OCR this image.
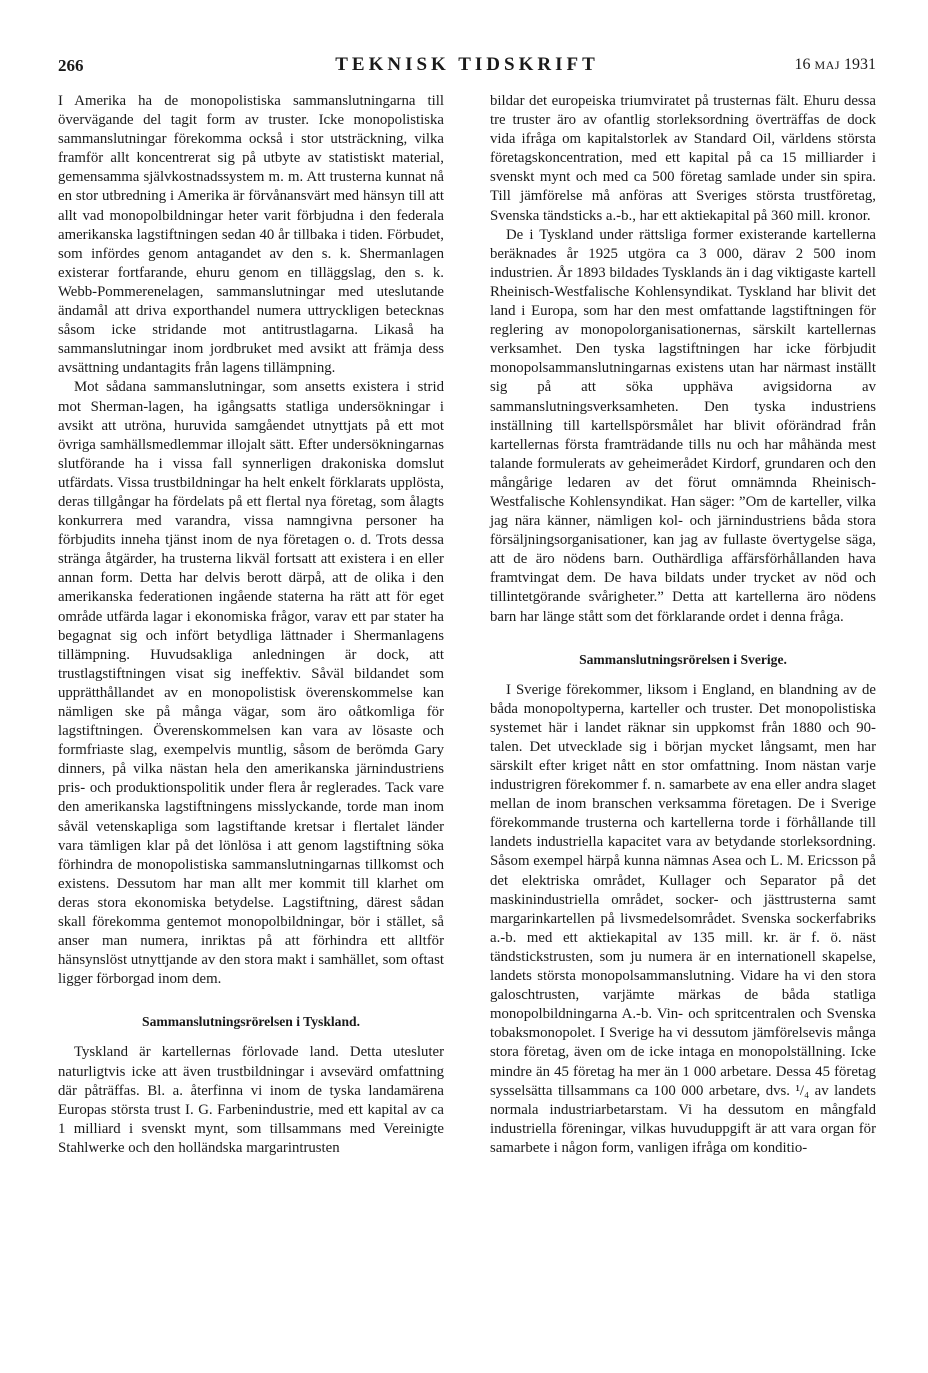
266	TEKNISK TIDSKRIFT	16 MAJ 1931

I Amerika ha de monopolistiska sammanslutningarna till övervägande del tagit form av truster. Icke monopolistiska sammanslutningar förekomma också i stor utsträckning, vilka framför allt koncentrerat sig på utbyte av statistiskt material, gemensamma självkostnadssystem m. m. Att trusterna kunnat nå en stor utbredning i Amerika är förvånansvärt med hänsyn till att allt vad monopolbildningar heter varit förbjudna i den federala amerikanska lagstiftningen sedan 40 år tillbaka i tiden. Förbudet, som infördes genom antagandet av den s. k. Shermanlagen existerar fortfarande, ehuru genom en tilläggslag, den s. k. Webb-Pommerenelagen, sammanslutningar med uteslutande ändamål att driva exporthandel numera uttryckligen betecknas såsom icke stridande mot antitrustlagarna. Likaså ha sammanslutningar inom jordbruket med avsikt att främja dess avsättning undantagits från lagens tillämpning.

Mot sådana sammanslutningar, som ansetts existera i strid mot Sherman-lagen, ha igångsatts statliga undersökningar i avsikt att utröna, huruvida samgåendet utnyttjats på ett mot övriga samhällsmedlemmar illojalt sätt. Efter undersökningarnas slutförande ha i vissa fall synnerligen drakoniska domslut utfärdats. Vissa trustbildningar ha helt enkelt förklarats upplösta, deras tillgångar ha fördelats på ett flertal nya företag, som ålagts konkurrera med varandra, vissa namngivna personer ha förbjudits inneha tjänst inom de nya företagen o. d. Trots dessa stränga åtgärder, ha trusterna likväl fortsatt att existera i en eller annan form. Detta har delvis berott därpå, att de olika i den amerikanska federationen ingående staterna ha rätt att för eget område utfärda lagar i ekonomiska frågor, varav ett par stater ha begagnat sig och infört betydliga lättnader i Shermanlagens tillämpning. Huvudsakliga anledningen är dock, att trustlagstiftningen visat sig ineffektiv. Såväl bildandet som upprätthållandet av en monopolistisk överenskommelse kan nämligen ske på många vägar, som äro oåtkomliga för lagstiftningen. Överenskommelsen kan vara av lösaste och formfriaste slag, exempelvis muntlig, såsom de berömda Gary dinners, på vilka nästan hela den amerikanska järnindustriens pris- och produktionspolitik under flera år reglerades. Tack vare den amerikanska lagstiftningens misslyckande, torde man inom såväl vetenskapliga som lagstiftande kretsar i flertalet länder vara tämligen klar på det lönlösa i att genom lagstiftning söka förhindra de monopolistiska sammanslutningarnas tillkomst och existens. Dessutom har man allt mer kommit till klarhet om deras stora ekonomiska betydelse. Lagstiftning, därest sådan skall förekomma gentemot monopolbildningar, bör i stället, så anser man numera, inriktas på att förhindra ett alltför hänsynslöst utnyttjande av den stora makt i samhället, som oftast ligger förborgad inom dem.

Sammanslutningsrörelsen i Tyskland.

Tyskland är kartellernas förlovade land. Detta utesluter naturligtvis icke att även trustbildningar i avsevärd omfattning där påträffas. Bl. a. återfinna vi inom de tyska landamärena Europas största trust I. G. Farbenindustrie, med ett kapital av ca 1 milliard i svenskt mynt, som tillsammans med Vereinigte Stahlwerke och den holländska margarintrusten

bildar det europeiska triumviratet på trusternas fält. Ehuru dessa tre truster äro av ofantlig storleksordning överträffas de dock vida ifråga om kapitalstorlek av Standard Oil, världens största företagskoncentration, med ett kapital på ca 15 milliarder i svenskt mynt och med ca 500 företag samlade under sin spira. Till jämförelse må anföras att Sveriges största trustföretag, Svenska tändsticks a.-b., har ett aktiekapital på 360 mill. kronor.

De i Tyskland under rättsliga former existerande kartellerna beräknades år 1925 utgöra ca 3 000, därav 2 500 inom industrien. År 1893 bildades Tysklands än i dag viktigaste kartell Rheinisch-Westfalische Kohlensyndikat. Tyskland har blivit det land i Europa, som har den mest omfattande lagstiftningen för reglering av monopolorganisationernas, särskilt kartellernas verksamhet. Den tyska lagstiftningen har icke förbjudit monopolsammanslutningarnas existens utan har närmast inställt sig på att söka upphäva avigsidorna av sammanslutningsverksamheten. Den tyska industriens inställning till kartellspörsmålet har blivit oförändrad från kartellernas första framträdande tills nu och har måhända mest talande formulerats av geheimerådet Kirdorf, grundaren och den mångårige ledaren av det förut omnämnda Rheinisch-Westfalische Kohlensyndikat. Han säger: ”Om de karteller, vilka jag nära känner, nämligen kol- och järnindustriens båda stora försäljningsorganisationer, kan jag av fullaste övertygelse säga, att de äro nödens barn. Outhärdliga affärsförhållanden hava framtvingat dem. De hava bildats under trycket av nöd och tillintetgörande svårigheter.” Detta att kartellerna äro nödens barn har länge stått som det förklarande ordet i denna fråga.

Sammanslutningsrörelsen i Sverige.

I Sverige förekommer, liksom i England, en blandning av de båda monopoltyperna, karteller och truster. Det monopolistiska systemet här i landet räknar sin uppkomst från 1880 och 90-talen. Det utvecklade sig i början mycket långsamt, men har särskilt efter kriget nått en stor omfattning. Inom nästan varje industrigren förekommer f. n. samarbete av ena eller andra slaget mellan de inom branschen verksamma företagen. De i Sverige förekommande trusterna och kartellerna torde i förhållande till landets industriella kapacitet vara av betydande storleksordning. Såsom exempel härpå kunna nämnas Asea och L. M. Ericsson på det elektriska området, Kullager och Separator på det maskinindustriella området, socker- och jästtrusterna samt margarinkartellen på livsmedelsområdet. Svenska sockerfabriks a.-b. med ett aktiekapital av 135 mill. kr. är f. ö. näst tändstickstrusten, som ju numera är en internationell skapelse, landets största monopolsammanslutning. Vidare ha vi den stora galoschtrusten, varjämte märkas de båda statliga monopolbildningarna A.-b. Vin- och spritcentralen och Svenska tobaksmonopolet. I Sverige ha vi dessutom jämförelsevis många stora företag, även om de icke intaga en monopolställning. Icke mindre än 45 företag ha mer än 1 000 arbetare. Dessa 45 företag sysselsätta tillsammans ca 100 000 arbetare, dvs. ¹/₄ av landets normala industriarbetarstam. Vi ha dessutom en mångfald industriella föreningar, vilkas huvuduppgift är att vara organ för samarbete i någon form, vanligen ifråga om konditio-
